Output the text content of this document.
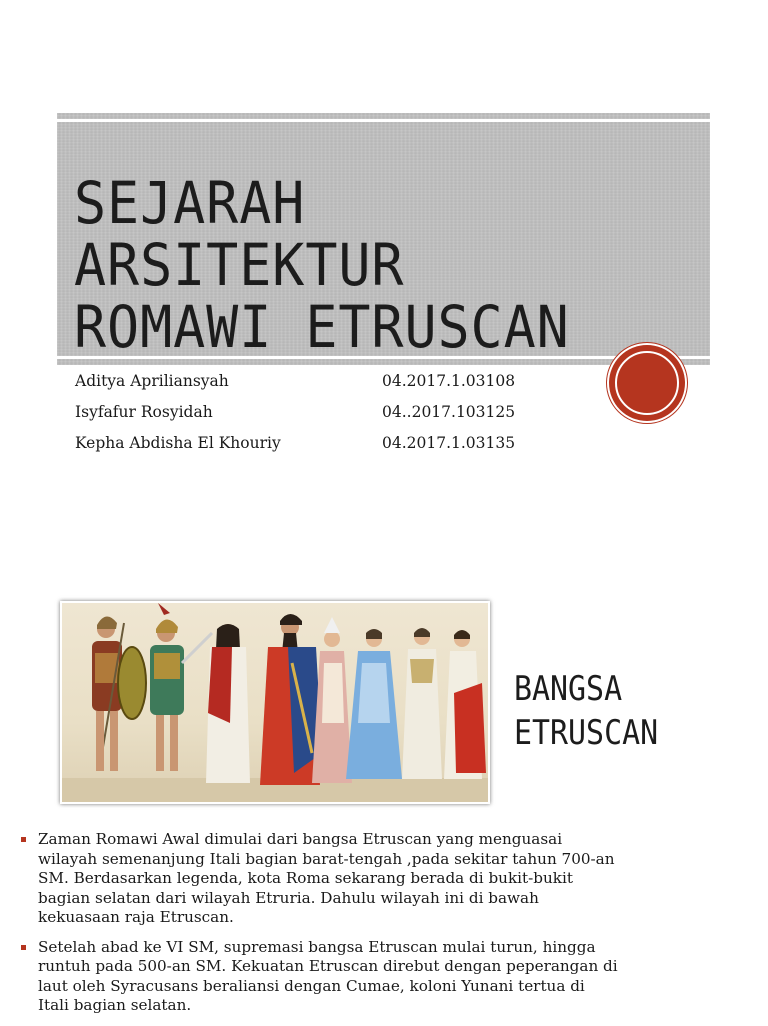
SEJARAH ARSITEKTUR
ROMAWI ETRUSCAN
Aditya Apriliansyah	04.2017.1.03108
Isyfafur Rosyidah	04..2017.103125
Kepha Abdisha El Khouriy	04.2017.1.03135
BANGSA
ETRUSCAN
Zaman Romawi Awal dimulai dari bangsa Etruscan yang menguasai wilayah semenanjung Itali bagian barat-tengah ,pada sekitar tahun 700-an SM. Berdasarkan legenda, kota Roma sekarang berada di bukit-bukit bagian selatan dari wilayah Etruria. Dahulu wilayah ini di bawah kekuasaan raja Etruscan.
Setelah abad ke VI SM, supremasi bangsa Etruscan mulai turun, hingga runtuh pada 500-an SM. Kekuatan Etruscan direbut dengan peperangan di laut oleh Syracusans beraliansi dengan Cumae, koloni Yunani tertua di Itali bagian selatan.
